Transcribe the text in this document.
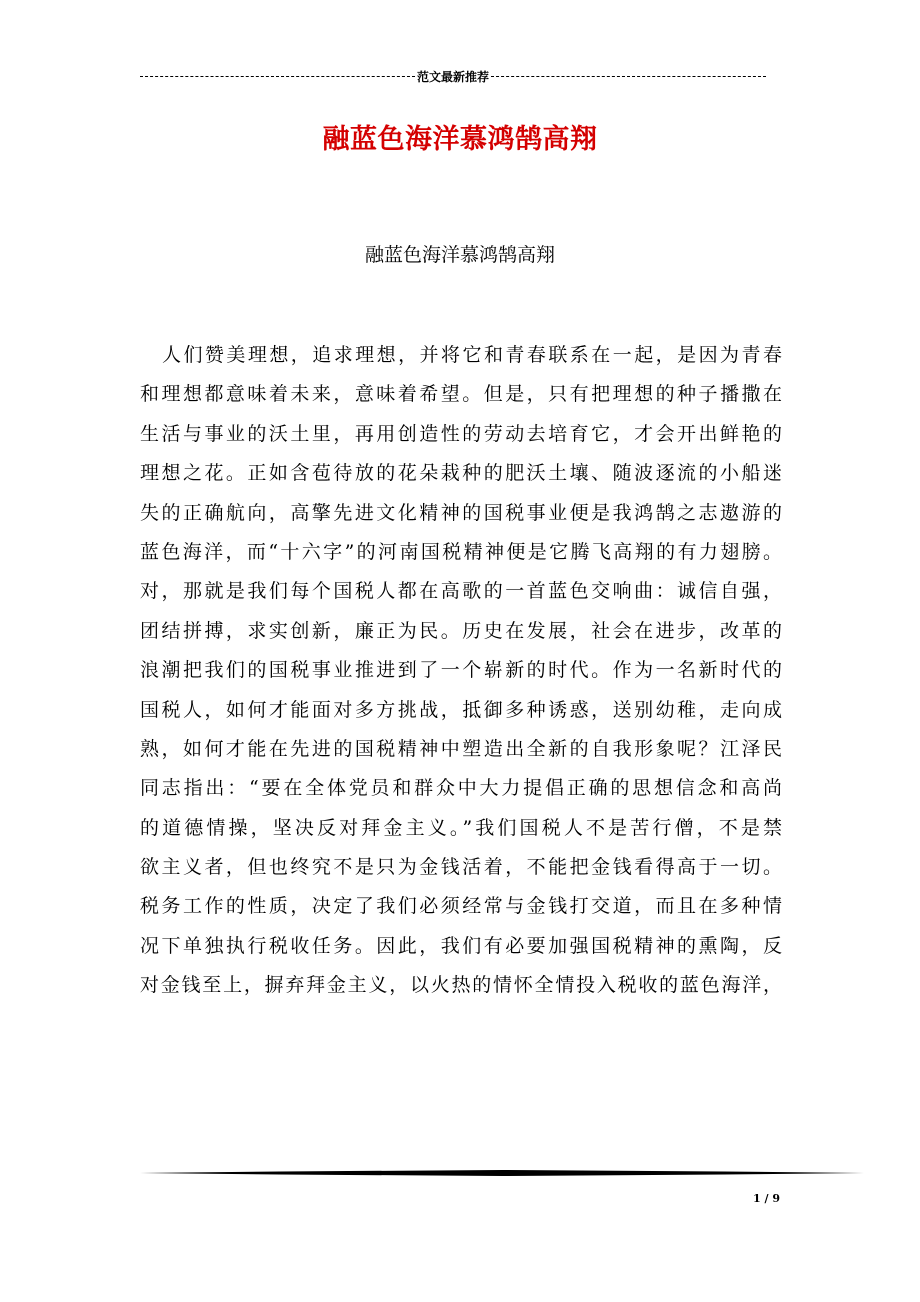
范文最新推荐
融蓝色海洋慕鸿鹄高翔
融蓝色海洋慕鸿鹄高翔
人们赞美理想，追求理想，并将它和青春联系在一起，是因为青春
和理想都意味着未来，意味着希望。但是，只有把理想的种子播撒在
生活与事业的沃土里，再用创造性的劳动去培育它，才会开出鲜艳的
理想之花。正如含苞待放的花朵栽种的肥沃土壤、随波逐流的小船迷
失的正确航向，高擎先进文化精神的国税事业便是我鸿鹄之志遨游的
蓝色海洋，而“十六字”的河南国税精神便是它腾飞高翔的有力翅膀。
对，那就是我们每个国税人都在高歌的一首蓝色交响曲：诚信自强，
团结拼搏，求实创新，廉正为民。历史在发展，社会在进步，改革的
浪潮把我们的国税事业推进到了一个崭新的时代。作为一名新时代的
国税人，如何才能面对多方挑战，抵御多种诱惑，送别幼稚，走向成
熟，如何才能在先进的国税精神中塑造出全新的自我形象呢？江泽民
同志指出：“要在全体党员和群众中大力提倡正确的思想信念和高尚
的道德情操，坚决反对拜金主义。”我们国税人不是苦行僧，不是禁
欲主义者，但也终究不是只为金钱活着，不能把金钱看得高于一切。
税务工作的性质，决定了我们必须经常与金钱打交道，而且在多种情
况下单独执行税收任务。因此，我们有必要加强国税精神的熏陶，反
对金钱至上，摒弃拜金主义，以火热的情怀全情投入税收的蓝色海洋，
1 / 9
